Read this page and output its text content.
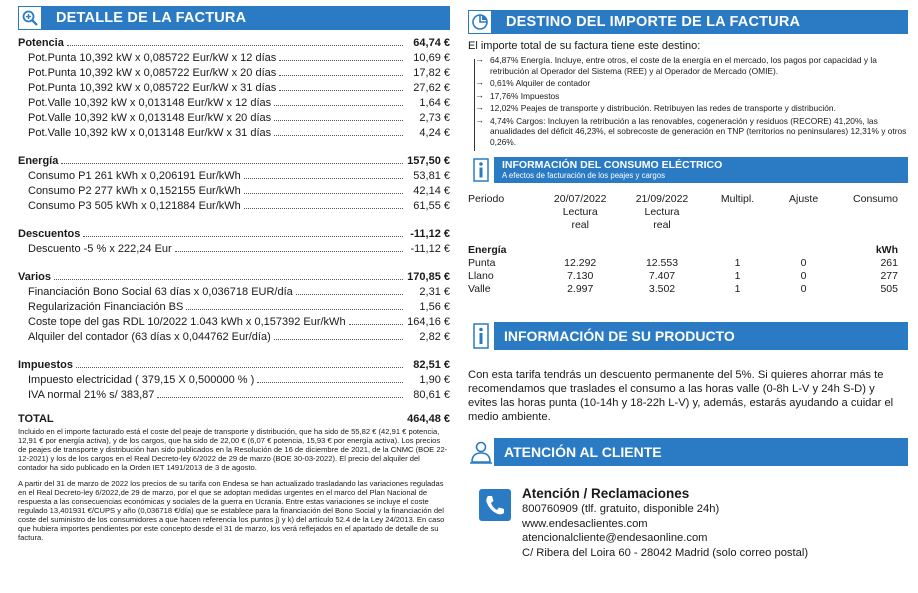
DETALLE DE LA FACTURA
Potencia	64,74 €
Pot.Punta 10,392 kW x 0,085722 Eur/kW x 12 días	10,69 €
Pot.Punta 10,392 kW x 0,085722 Eur/kW x 20 días	17,82 €
Pot.Punta 10,392 kW x 0,085722 Eur/kW x 31 días	27,62 €
Pot.Valle 10,392 kW x 0,013148 Eur/kW x 12 días	1,64 €
Pot.Valle 10,392 kW x 0,013148 Eur/kW x 20 días	2,73 €
Pot.Valle 10,392 kW x 0,013148 Eur/kW x 31 días	4,24 €
Energía	157,50 €
Consumo P1 261 kWh x 0,206191 Eur/kWh	53,81 €
Consumo P2 277 kWh x 0,152155 Eur/kWh	42,14 €
Consumo P3 505 kWh x 0,121884 Eur/kWh	61,55 €
Descuentos	-11,12 €
Descuento -5 % x 222,24 Eur	-11,12 €
Varios	170,85 €
Financiación Bono Social 63 días x 0,036718 EUR/día	2,31 €
Regularización Financiación BS	1,56 €
Coste tope del gas RDL 10/2022 1.043 kWh x 0,157392 Eur/kWh	164,16 €
Alquiler del contador (63 días x 0,044762 Eur/día)	2,82 €
Impuestos	82,51 €
Impuesto electricidad ( 379,15 X 0,500000 % )	1,90 €
IVA normal 21% s/ 383,87	80,61 €
TOTAL	464,48 €

Incluido en el importe facturado está el coste del peaje de transporte y distribución, que ha sido de 55,82 € (42,91 € potencia, 12,91 € por energía activa), y de los cargos, que ha sido de 22,00 € (6,07 € potencia, 15,93 € por energía activa). Los precios de peajes de transporte y distribución han sido publicados en la Resolución de 16 de diciembre de 2021, de la CNMC (BOE 22-12-2021) y los de los cargos en el Real Decreto-ley 6/2022 de 29 de marzo (BOE 30-03-2022). El precio del alquiler del contador ha sido publicado en la Orden IET 1491/2013 de 3 de agosto.

A partir del 31 de marzo de 2022 los precios de su tarifa con Endesa se han actualizado trasladando las variaciones reguladas en el Real Decreto-ley 6/2022,de 29 de marzo, por el que se adoptan medidas urgentes en el marco del Plan Nacional de respuesta a las consecuencias económicas y sociales de la guerra en Ucrania. Entre estas variaciones se incluye el coste regulado 13,401931 €/CUPS y año (0,036718 €/día) que se establece para la financiación del Bono Social y la financiación del coste del suministro de los consumidores a que hacen referencia los puntos j) y k) del artículo 52.4 de la Ley 24/2013. En caso que hubiera importes pendientes por este concepto desde el 31 de marzo, los verá reflejados en el apartado de detalle de su factura.

DESTINO DEL IMPORTE DE LA FACTURA
El importe total de su factura tiene este destino:
→ 64,87% Energía. Incluye, entre otros, el coste de la energía en el mercado, los pagos por capacidad y la retribución al Operador del Sistema (REE) y al Operador de Mercado (OMIE).
→ 0,61% Alquiler de contador
→ 17,76% Impuestos
→ 12,02% Peajes de transporte y distribución. Retribuyen las redes de transporte y distribución.
→ 4,74% Cargos: Incluyen la retribución a las renovables, cogeneración y residuos (RECORE) 41,20%, las anualidades del déficit 46,23%, el sobrecoste de generación en TNP (territorios no peninsulares) 12,31% y otros 0,26%.
INFORMACIÓN DEL CONSUMO ELÉCTRICO
A efectos de facturación de los peajes y cargos
Periodo	20/07/2022	21/09/2022	Multipl.	Ajuste	Consumo
	Lectura	Lectura			
	real	real			

Energía					kWh
Punta	12.292	12.553	1	0	261
Llano	7.130	7.407	1	0	277
Valle	2.997	3.502	1	0	505
INFORMACIÓN DE SU PRODUCTO

Con esta tarifa tendrás un descuento permanente del 5%. Si quieres ahorrar más te recomendamos que traslades el consumo a las horas valle (0-8h L-V y 24h S-D) y evites las horas punta (10-14h y 18-22h L-V) y, además, estarás ayudando a cuidar el medio ambiente.

ATENCIÓN AL CLIENTE
Atención / Reclamaciones
800760909 (tlf. gratuito, disponible 24h)
www.endesaclientes.com
atencionalcliente@endesaonline.com
C/ Ribera del Loira 60 - 28042 Madrid (solo correo postal)
